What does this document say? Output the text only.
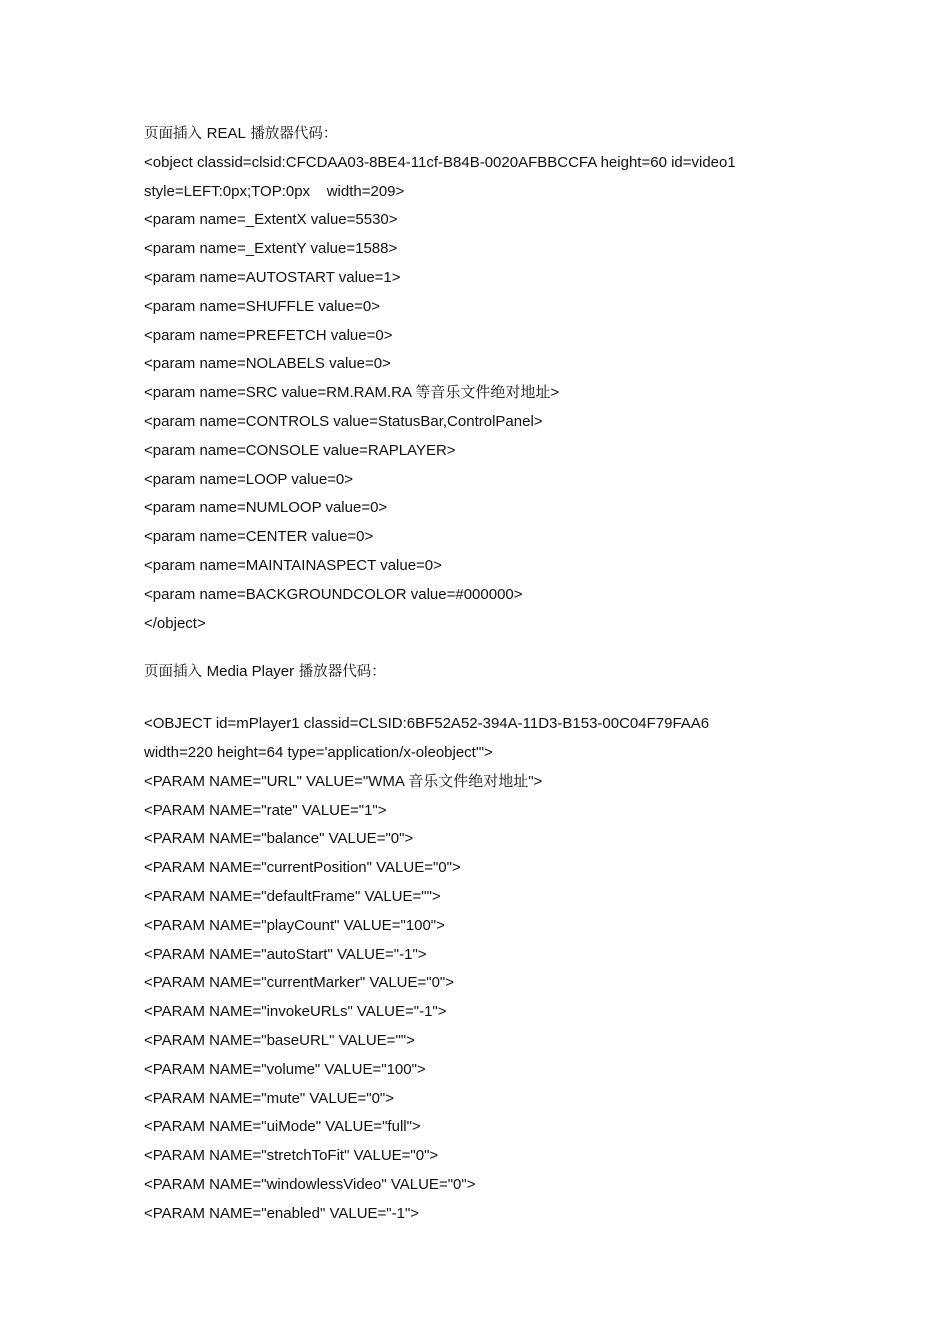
页面插入 REAL 播放器代码：
<object classid=clsid:CFCDAA03-8BE4-11cf-B84B-0020AFBBCCFA height=60 id=video1
style=LEFT:0px;TOP:0px    width=209>
<param name=_ExtentX value=5530>
<param name=_ExtentY value=1588>
<param name=AUTOSTART value=1>
<param name=SHUFFLE value=0>
<param name=PREFETCH value=0>
<param name=NOLABELS value=0>
<param name=SRC value=RM.RAM.RA 等音乐文件绝对地址>
<param name=CONTROLS value=StatusBar,ControlPanel>
<param name=CONSOLE value=RAPLAYER>
<param name=LOOP value=0>
<param name=NUMLOOP value=0>
<param name=CENTER value=0>
<param name=MAINTAINASPECT value=0>
<param name=BACKGROUNDCOLOR value=#000000>
</object>
页面插入 Media Player 播放器代码：
<OBJECT id=mPlayer1 classid=CLSID:6BF52A52-394A-11D3-B153-00C04F79FAA6
width=220 height=64 type='application/x-oleobject'">
<PARAM NAME="URL" VALUE="WMA 音乐文件绝对地址">
<PARAM NAME="rate" VALUE="1">
<PARAM NAME="balance" VALUE="0">
<PARAM NAME="currentPosition" VALUE="0">
<PARAM NAME="defaultFrame" VALUE="">
<PARAM NAME="playCount" VALUE="100">
<PARAM NAME="autoStart" VALUE="-1">
<PARAM NAME="currentMarker" VALUE="0">
<PARAM NAME="invokeURLs" VALUE="-1">
<PARAM NAME="baseURL" VALUE="">
<PARAM NAME="volume" VALUE="100">
<PARAM NAME="mute" VALUE="0">
<PARAM NAME="uiMode" VALUE="full">
<PARAM NAME="stretchToFit" VALUE="0">
<PARAM NAME="windowlessVideo" VALUE="0">
<PARAM NAME="enabled" VALUE="-1">
